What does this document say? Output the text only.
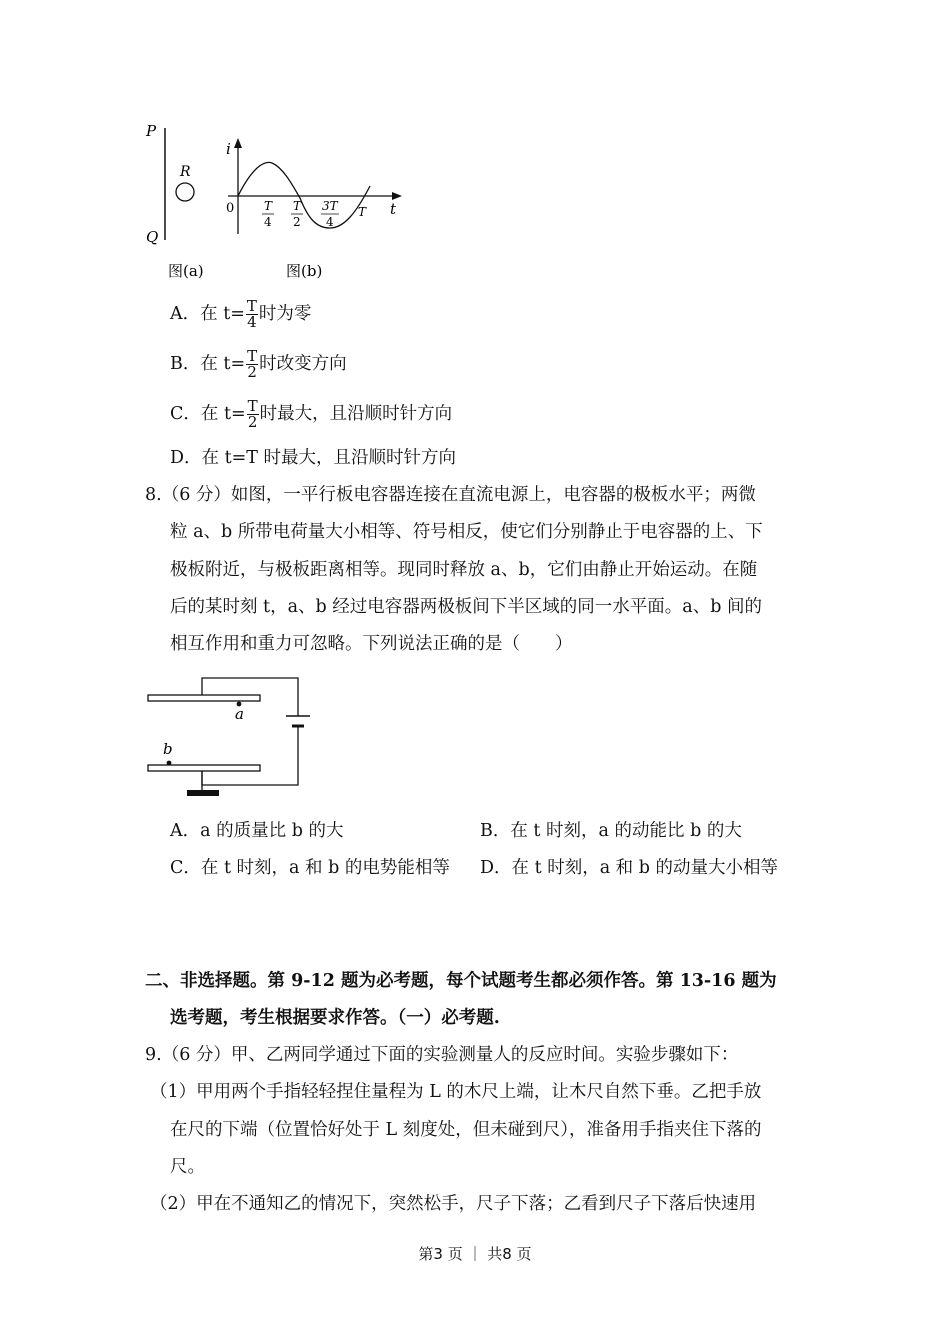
P
Q
R
i
t
0 T
4
T
2
3T
4
T
图(a)	图(b)
A．在 $t= \frac{T}{4}$ 时为零
B．在 $t= \frac{T}{2}$ 时改变方向
C．在 $t= \frac{T}{2}$ 时最大，且沿顺时针方向
D．在 t=T 时最大，且沿顺时针方向
8.（6 分）如图，一平行板电容器连接在直流电源上，电容器的极板水平；两微
粒 a、b 所带电荷量大小相等、符号相反，使它们分别静止于电容器的上、下
极板附近，与极板距离相等。现同时释放 a、b，它们由静止开始运动。在随
后的某时刻 t，a、b 经过电容器两极板间下半区域的同一水平面。a、b 间的
相互作用和重力可忽略。下列说法正确的是（　　）
a
b
A．a 的质量比 b 的大	B．在 t 时刻，a 的动能比 b 的大
C．在 t 时刻，a 和 b 的电势能相等 D．在 t 时刻，a 和 b 的动量大小相等
二、非选择题。第 9-12 题为必考题，每个试题考生都必须作答。第 13-16 题为
选考题，考生根据要求作答。（一）必考题.
9.（6 分）甲、乙两同学通过下面的实验测量人的反应时间。实验步骤如下：
（1）甲用两个手指轻轻捏住量程为 L 的木尺上端，让木尺自然下垂。乙把手放
在尺的下端（位置恰好处于 L 刻度处，但未碰到尺），准备用手指夹住下落的
尺。
（2）甲在不通知乙的情况下，突然松手，尺子下落；乙看到尺子下落后快速用
第3 页 ｜ 共8 页
